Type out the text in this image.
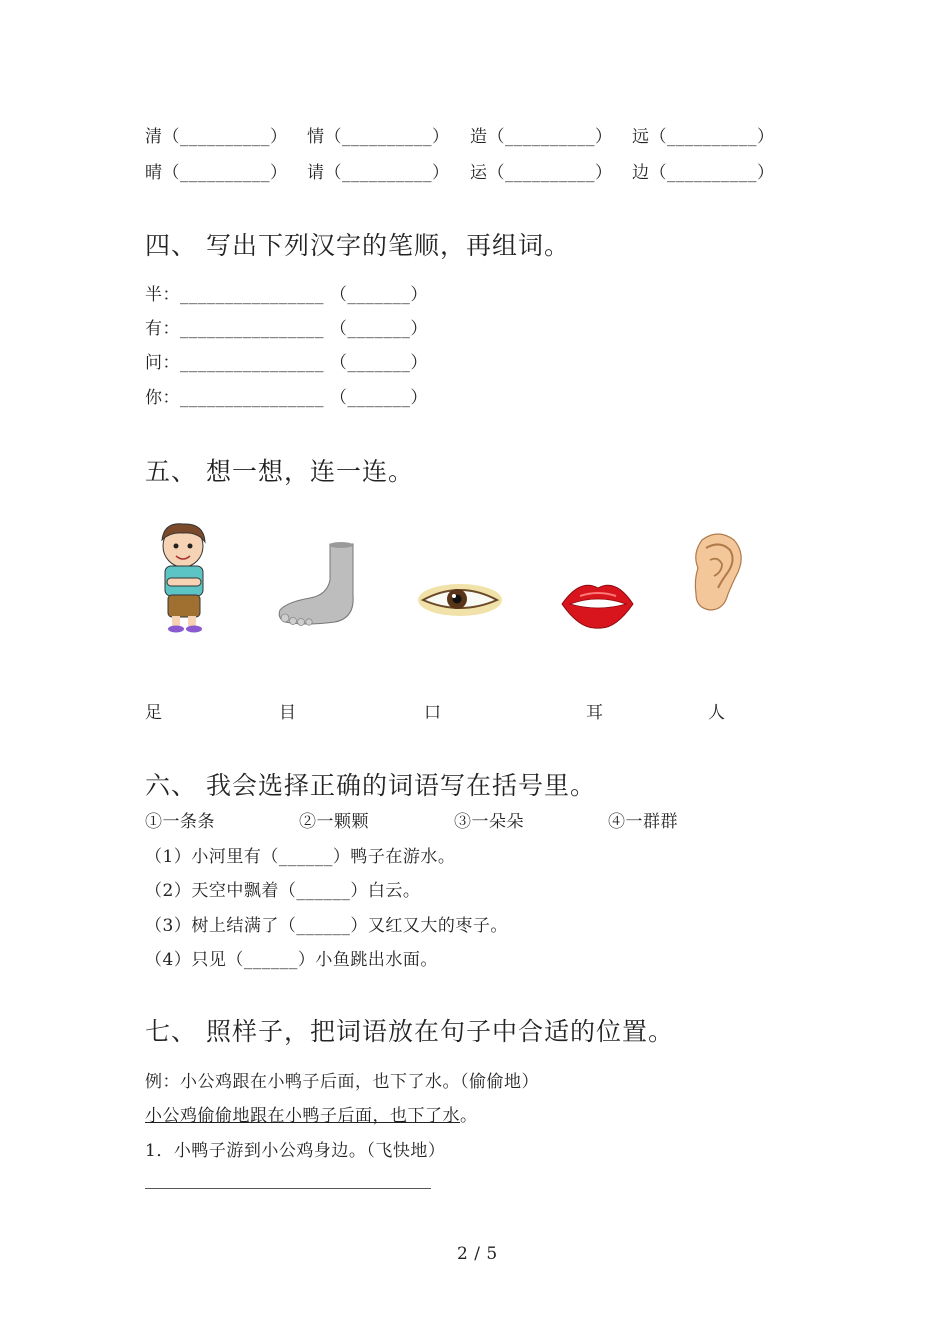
清（__________） 情（__________） 造（__________） 远（__________）
晴（__________） 请（__________） 运（__________） 边（__________）
四、 写出下列汉字的笔顺，再组词。
半：________________ （_______）
有：________________ （_______）
问：________________ （_______）
你：________________ （_______）
五、 想一想，连一连。
足	目	口	耳	人
六、 我会选择正确的词语写在括号里。
①一条条	②一颗颗	③一朵朵	④一群群
（1）小河里有（______）鸭子在游水。
（2）天空中飘着（______）白云。
（3）树上结满了（______）又红又大的枣子。
（4）只见（______）小鱼跳出水面。
七、 照样子，把词语放在句子中合适的位置。
例：小公鸡跟在小鸭子后面，也下了水。（偷偷地）
小公鸡偷偷地跟在小鸭子后面，也下了水。
1．小鸭子游到小公鸡身边。（飞快地）
2 / 5
